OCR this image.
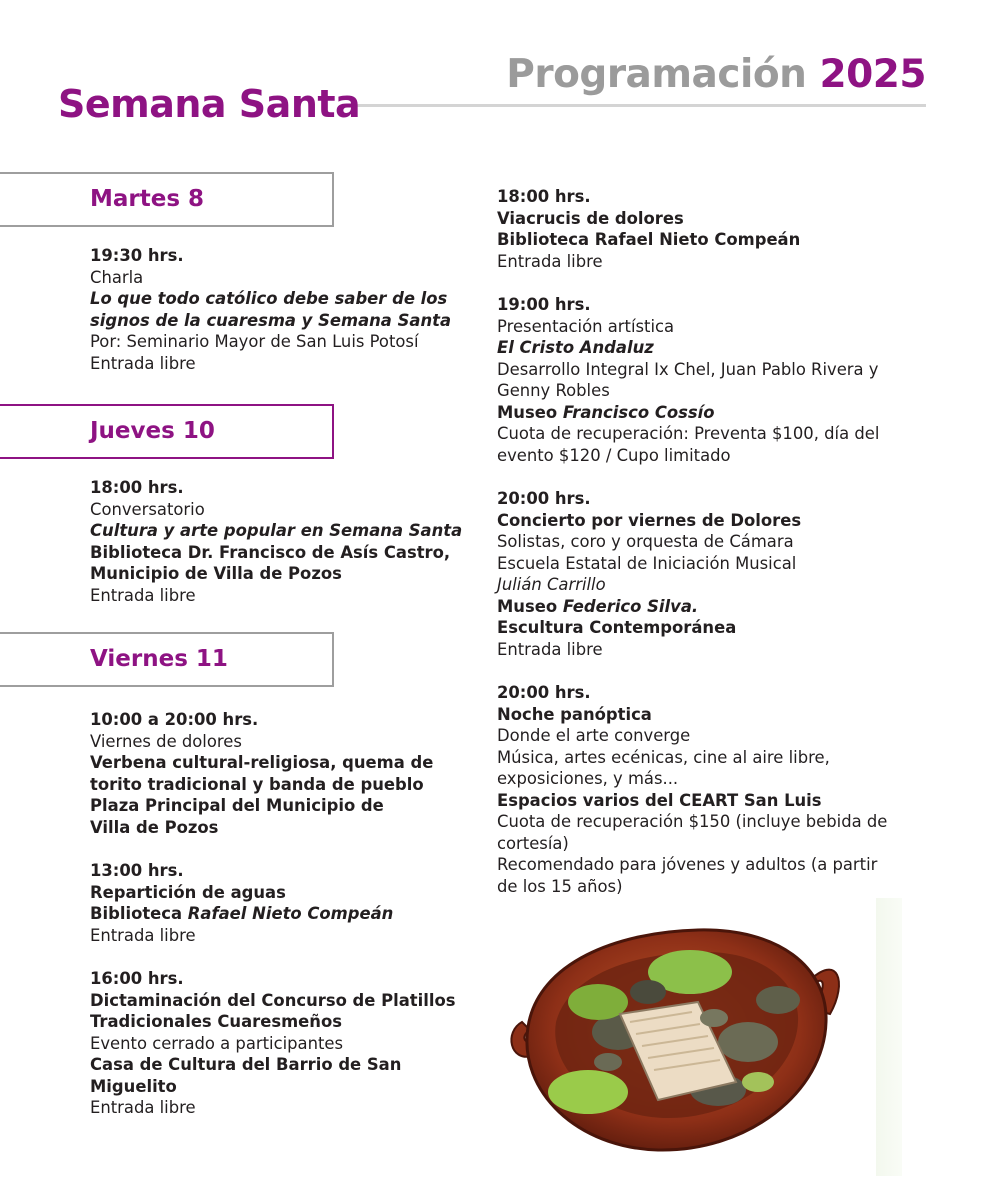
Programación 2025
Semana Santa
Martes 8
Jueves 10
Viernes 11
19:30 hrs.
Charla
Lo que todo católico debe saber de los signos de la cuaresma y Semana Santa
Por: Seminario Mayor de San Luis Potosí
Entrada libre
18:00 hrs.
Conversatorio
Cultura y arte popular en Semana Santa
Biblioteca Dr. Francisco de Asís Castro, Municipio de Villa de Pozos
Entrada libre
10:00 a 20:00 hrs.
Viernes de dolores
Verbena cultural-religiosa, quema de torito tradicional y banda de pueblo
Plaza Principal del Municipio de
Villa de Pozos
13:00 hrs.
Repartición de aguas
Biblioteca Rafael Nieto Compeán
Entrada libre
16:00 hrs.
Dictaminación del Concurso de Platillos Tradicionales Cuaresmeños
Evento cerrado a participantes
Casa de Cultura del Barrio de San Miguelito
Entrada libre
18:00 hrs.
Viacrucis de dolores
Biblioteca Rafael Nieto Compeán
Entrada libre
19:00 hrs.
Presentación artística
El Cristo Andaluz
Desarrollo Integral Ix Chel, Juan Pablo Rivera y Genny Robles
Museo Francisco Cossío
Cuota de recuperación: Preventa $100, día del evento $120 / Cupo limitado
20:00 hrs.
Concierto por viernes de Dolores
Solistas, coro y orquesta de Cámara
Escuela Estatal de Iniciación Musical
Julián Carrillo
Museo Federico Silva.
Escultura Contemporánea
Entrada libre
20:00 hrs.
Noche panóptica
Donde el arte converge
Música, artes ecénicas, cine al aire libre, exposiciones, y más...
Espacios varios del CEART San Luis
Cuota de recuperación $150 (incluye bebida de cortesía)
Recomendado para jóvenes y adultos (a partir de los 15 años)
